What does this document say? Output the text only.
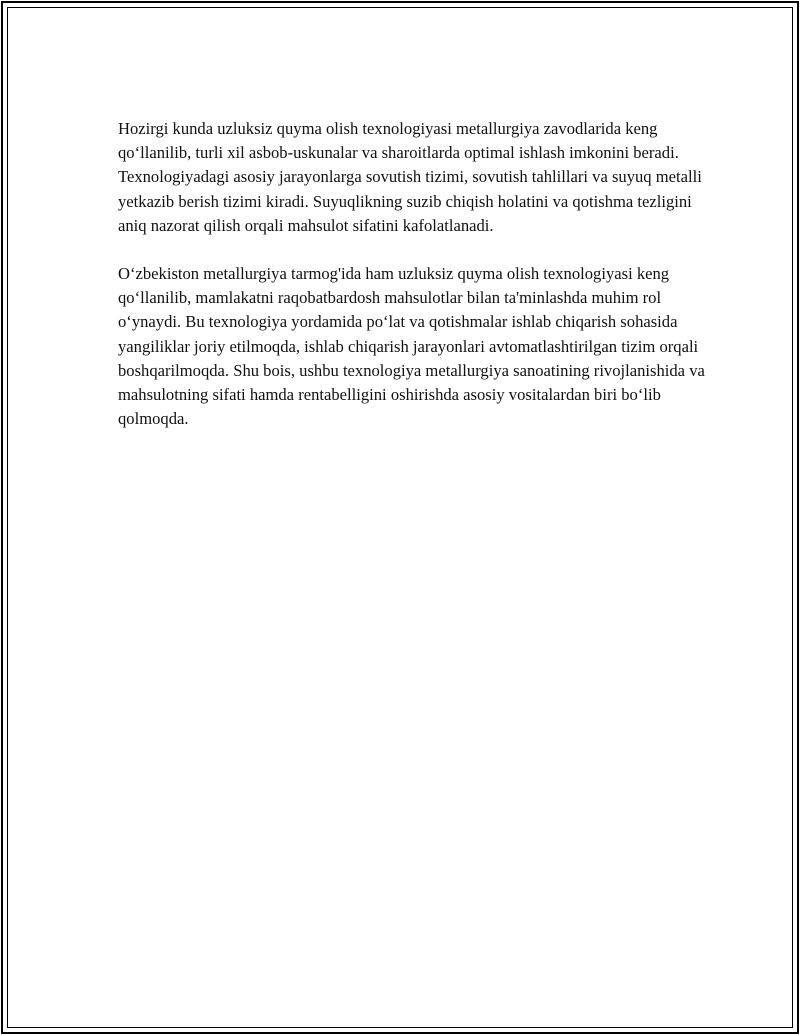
Hozirgi kunda uzluksiz quyma olish texnologiyasi metallurgiya zavodlarida keng qo‘llanilib, turli xil asbob-uskunalar va sharoitlarda optimal ishlash imkonini beradi. Texnologiyadagi asosiy jarayonlarga sovutish tizimi, sovutish tahlillari va suyuq metalli yetkazib berish tizimi kiradi. Suyuqlikning suzib chiqish holatini va qotishma tezligini aniq nazorat qilish orqali mahsulot sifatini kafolatlanadi.

O‘zbekiston metallurgiya tarmog'ida ham uzluksiz quyma olish texnologiyasi keng qo‘llanilib, mamlakatni raqobatbardosh mahsulotlar bilan ta'minlashda muhim rol o‘ynaydi. Bu texnologiya yordamida po‘lat va qotishmalar ishlab chiqarish sohasida yangiliklar joriy etilmoqda, ishlab chiqarish jarayonlari avtomatlashtirilgan tizim orqali boshqarilmoqda. Shu bois, ushbu texnologiya metallurgiya sanoatining rivojlanishida va mahsulotning sifati hamda rentabelligini oshirishda asosiy vositalardan biri bo‘lib qolmoqda.
